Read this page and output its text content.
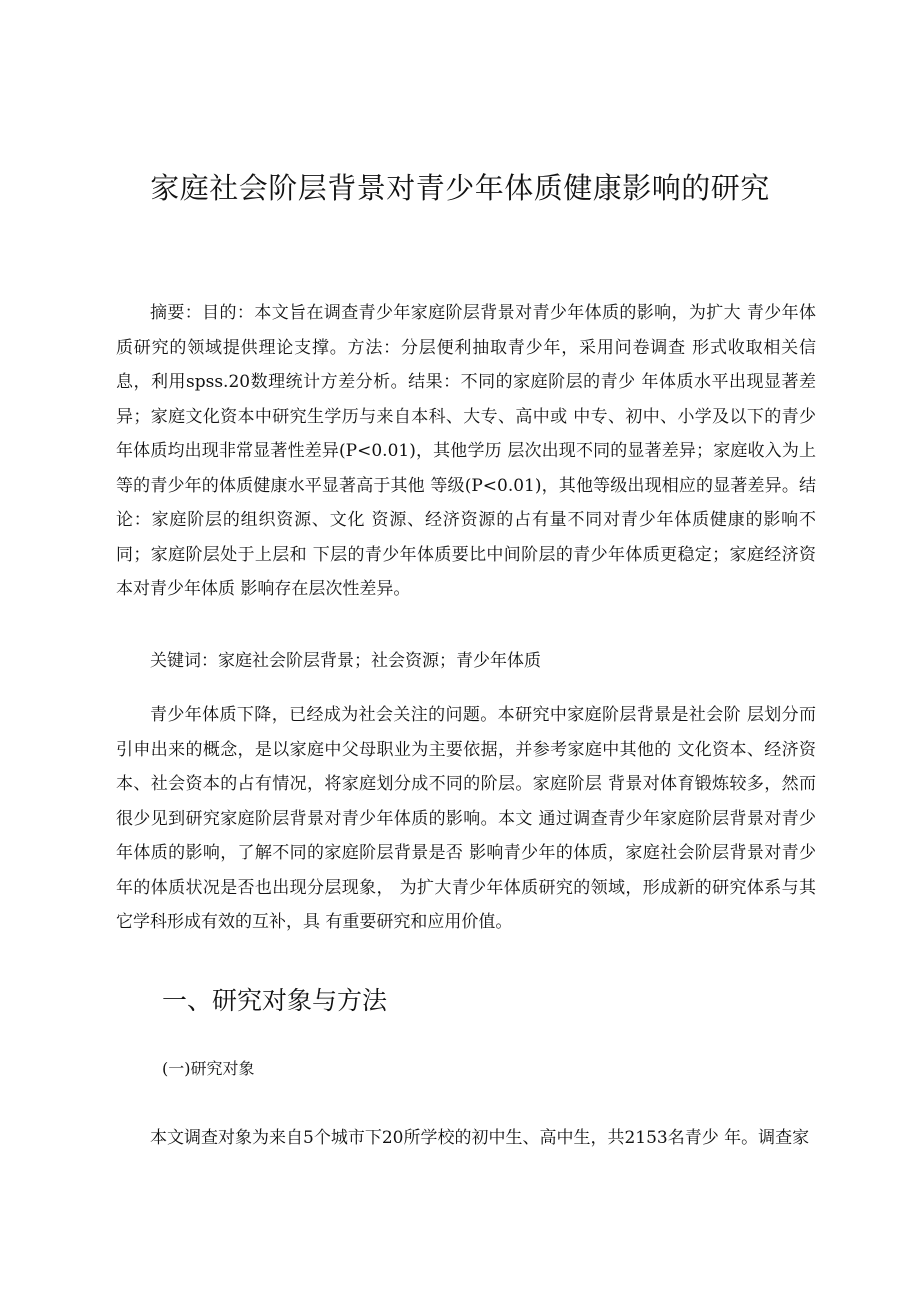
家庭社会阶层背景对青少年体质健康影响的研究

摘要：目的：本文旨在调查青少年家庭阶层背景对青少年体质的影响，为扩大 青少年体质研究的领域提供理论支撑。方法：分层便利抽取青少年，采用问卷调查 形式收取相关信息，利用spss.20数理统计方差分析。结果：不同的家庭阶层的青少 年体质水平出现显著差异；家庭文化资本中研究生学历与来自本科、大专、高中或 中专、初中、小学及以下的青少年体质均出现非常显著性差异(P<0.01)，其他学历 层次出现不同的显著差异；家庭收入为上等的青少年的体质健康水平显著高于其他 等级(P<0.01)，其他等级出现相应的显著差异。结论：家庭阶层的组织资源、文化 资源、经济资源的占有量不同对青少年体质健康的影响不同；家庭阶层处于上层和 下层的青少年体质要比中间阶层的青少年体质更稳定；家庭经济资本对青少年体质 影响存在层次性差异。

关键词：家庭社会阶层背景；社会资源；青少年体质

青少年体质下降，已经成为社会关注的问题。本研究中家庭阶层背景是社会阶 层划分而引申出来的概念，是以家庭中父母职业为主要依据，并参考家庭中其他的 文化资本、经济资本、社会资本的占有情况，将家庭划分成不同的阶层。家庭阶层 背景对体育锻炼较多，然而很少见到研究家庭阶层背景对青少年体质的影响。本文 通过调查青少年家庭阶层背景对青少年体质的影响，了解不同的家庭阶层背景是否 影响青少年的体质，家庭社会阶层背景对青少年的体质状况是否也出现分层现象， 为扩大青少年体质研究的领域，形成新的研究体系与其它学科形成有效的互补，具 有重要研究和应用价值。

一、研究对象与方法
(一)研究对象

本文调查对象为来自5个城市下20所学校的初中生、高中生，共2153名青少 年。调查家
